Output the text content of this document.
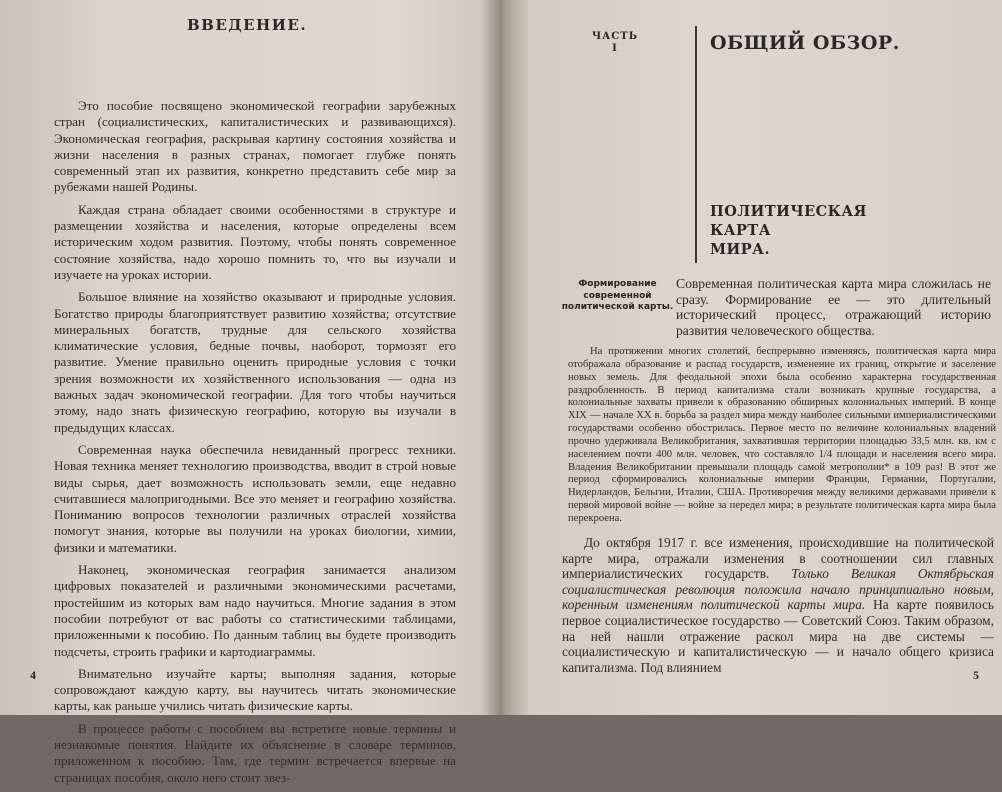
ВВЕДЕНИЕ.

Это пособие посвящено экономической географии зарубежных стран (социалистических, капиталистических и развивающихся). Экономическая география, раскрывая картину состояния хозяйства и жизни населения в разных странах, помогает глубже понять современный этап их развития, конкретно представить себе мир за рубежами нашей Родины.

Каждая страна обладает своими особенностями в структуре и размещении хозяйства и населения, которые определены всем историческим ходом развития. Поэтому, чтобы понять современное состояние хозяйства, надо хорошо помнить то, что вы изучали и изучаете на уроках истории.

Большое влияние на хозяйство оказывают и природные условия. Богатство природы благоприятствует развитию хозяйства; отсутствие минеральных богатств, трудные для сельского хозяйства климатические условия, бедные почвы, наоборот, тормозят его развитие. Умение правильно оценить природные условия с точки зрения возможности их хозяйственного использования — одна из важных задач экономической географии. Для того чтобы научиться этому, надо знать физическую географию, которую вы изучали в предыдущих классах.

Современная наука обеспечила невиданный прогресс техники. Новая техника меняет технологию производства, вводит в строй новые виды сырья, дает возможность использовать земли, еще недавно считавшиеся малопригодными. Все это меняет и географию хозяйства. Пониманию вопросов технологии различных отраслей хозяйства помогут знания, которые вы получили на уроках биологии, химии, физики и математики.

Наконец, экономическая география занимается анализом цифровых показателей и различными экономическими расчетами, простейшим из которых вам надо научиться. Многие задания в этом пособии потребуют от вас работы со статистическими таблицами, приложенными к пособию. По данным таблиц вы будете производить подсчеты, строить графики и картодиаграммы.

Внимательно изучайте карты; выполняя задания, которые сопровождают каждую карту, вы научитесь читать экономические карты, как раньше учились читать физические карты.

В процессе работы с пособием вы встретите новые термины и незнакомые понятия. Найдите их объяснение в словаре терминов, приложенном к пособию. Там, где термин встречается впервые на страницах пособия, около него стоит звез-

4
ЧАСТЬ
I	ОБЩИЙ ОБЗОР.
ПОЛИТИЧЕСКАЯ
КАРТА
МИРА.
Формирование современной политической карты.

Современная политическая карта мира сложилась не сразу. Формирование ее — это длительный исторический процесс, отражающий историю развития человеческого общества.

На протяжении многих столетий, беспрерывно изменяясь, политическая карта мира отображала образование и распад государств, изменение их границ, открытие и заселение новых земель. Для феодальной эпохи была особенно характерна государственная раздробленность. В период капитализма стали возникать крупные государства, а колониальные захваты привели к образованию обширных колониальных империй. В конце XIX — начале XX в. борьба за раздел мира между наиболее сильными империалистическими государствами особенно обострилась. Первое место по величине колониальных владений прочно удерживала Великобритания, захватившая территории площадью 33,5 млн. кв. км с населением почти 400 млн. человек, что составляло 1/4 площади и населения всего мира. Владения Великобритании превышали площадь самой метрополии* в 109 раз! В этот же период сформировались колониальные империи Франции, Германии, Португалии, Нидерландов, Бельгии, Италии, США. Противоречия между великими державами привели к первой мировой войне — войне за передел мира; в результате политическая карта мира была перекроена.

До октября 1917 г. все изменения, происходившие на политической карте мира, отражали изменения в соотношении сил главных империалистических государств. Только Великая Октябрьская социалистическая революция положила начало принципиально новым, коренным изменениям политической карты мира. На карте появилось первое социалистическое государство — Советский Союз. Таким образом, на ней нашли отражение раскол мира на две системы — социалистическую и капиталистическую — и начало общего кризиса капитализма. Под влиянием

5
